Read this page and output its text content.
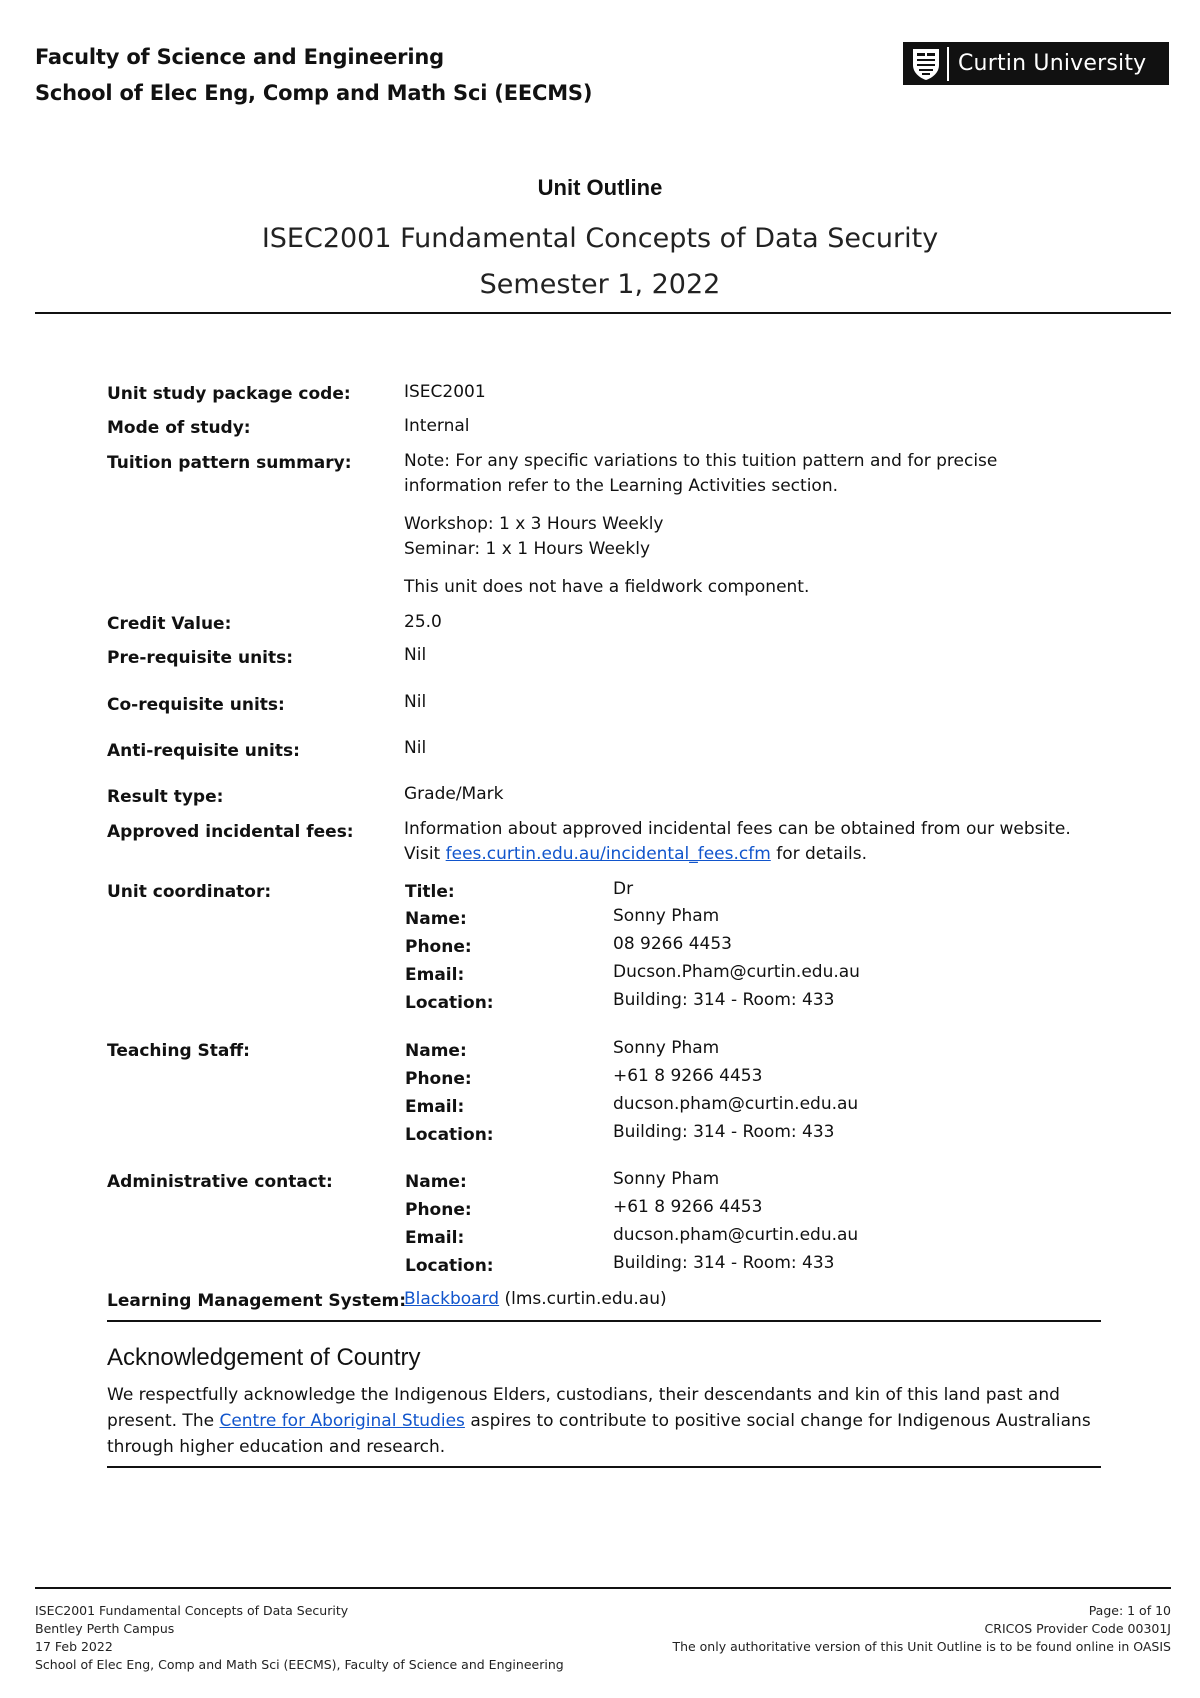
Faculty of Science and Engineering
School of Elec Eng, Comp and Math Sci (EECMS)
Curtin University
Unit Outline
ISEC2001 Fundamental Concepts of Data Security
Semester 1, 2022
Unit study package code:	ISEC2001
Mode of study:	Internal
Tuition pattern summary:	Note: For any specific variations to this tuition pattern and for precise
information refer to the Learning Activities section.
Workshop: 1 x 3 Hours Weekly
Seminar: 1 x 1 Hours Weekly
This unit does not have a fieldwork component.
Credit Value:	25.0
Pre-requisite units:	Nil
Co-requisite units:	Nil
Anti-requisite units:	Nil
Result type:	Grade/Mark
Approved incidental fees:	Information about approved incidental fees can be obtained from our website.
Visit fees.curtin.edu.au/incidental_fees.cfm for details.
Unit coordinator:	Title:	Dr
Name:	Sonny Pham
Phone:	08 9266 4453
Email:	Ducson.Pham@curtin.edu.au
Location:	Building: 314 - Room: 433
Teaching Staff:	Name:	Sonny Pham
Phone:	+61 8 9266 4453
Email:	ducson.pham@curtin.edu.au
Location:	Building: 314 - Room: 433
Administrative contact:	Name:	Sonny Pham
Phone:	+61 8 9266 4453
Email:	ducson.pham@curtin.edu.au
Location:	Building: 314 - Room: 433
Learning Management System:
Blackboard (lms.curtin.edu.au)
Acknowledgement of Country
We respectfully acknowledge the Indigenous Elders, custodians, their descendants and kin of this land past and present. The Centre for Aboriginal Studies aspires to contribute to positive social change for Indigenous Australians through higher education and research.
ISEC2001 Fundamental Concepts of Data Security
Bentley Perth Campus
17 Feb 2022
School of Elec Eng, Comp and Math Sci (EECMS), Faculty of Science and Engineering
Page: 1 of 10
CRICOS Provider Code 00301J
The only authoritative version of this Unit Outline is to be found online in OASIS
